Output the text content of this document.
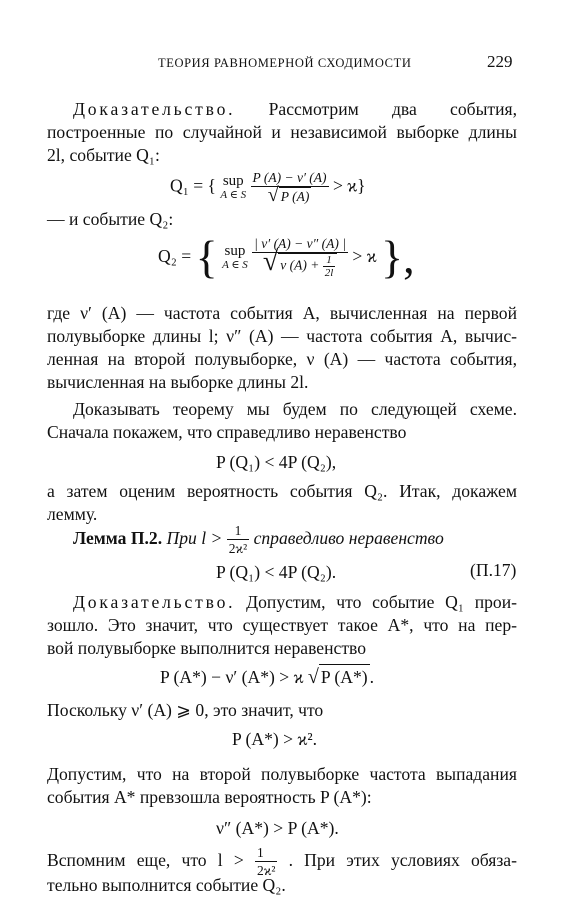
ТЕОРИЯ РАВНОМЕРНОЙ СХОДИМОСТИ	229
Доказательство. Рассмотрим два события,
построенные по случайной и независимой выборке длины
2l, событие Q₁:
Q₁ = { sup
A ∈ S
$\frac{P (A) - \nu' (A)}{√ P (A)} > ϰ$}
— и событие Q₂:
Q₂ = { sup
A ∈ S
$\frac{| \nu' (A) - \nu'' (A) |}{√ \nu (A) + \frac{1}{2l}} > ϰ$ },
где ν′ (A) — частота события A, вычисленная на первой
полувыборке длины l; ν″ (A) — частота события A, вычис-
ленная на второй полувыборке, ν (A) — частота события,
вычисленная на выборке длины 2l.
Доказывать теорему мы будем по следующей схеме.
Сначала покажем, что справедливо неравенство
P (Q₁) < 4P (Q₂),
а затем оценим вероятность события Q₂. Итак, докажем
лемму.
Лемма П.2. При $l > \frac{1}{\text{2ϰ²}}$ справедливо неравенство
P (Q₁) < 4P (Q₂).	(П.17)
Доказательство. Допустим, что событие Q₁ прои-
зошло. Это значит, что существует такое A*, что на пер-
вой полувыборке выполнится неравенство
P (A*) − ν′ (A*) > ϰ √ P (A*) .
Поскольку ν′ (A) ⩾ 0, это значит, что
P (A*) > ϰ².
Допустим, что на второй полувыборке частота выпадания
события A* превзошла вероятность P (A*):
ν″ (A*) > P (A*).
Вспомним еще, что $l > \frac{1}{\text{2ϰ²}}$ . При этих условиях обяза-
тельно выполнится событие Q₂.
